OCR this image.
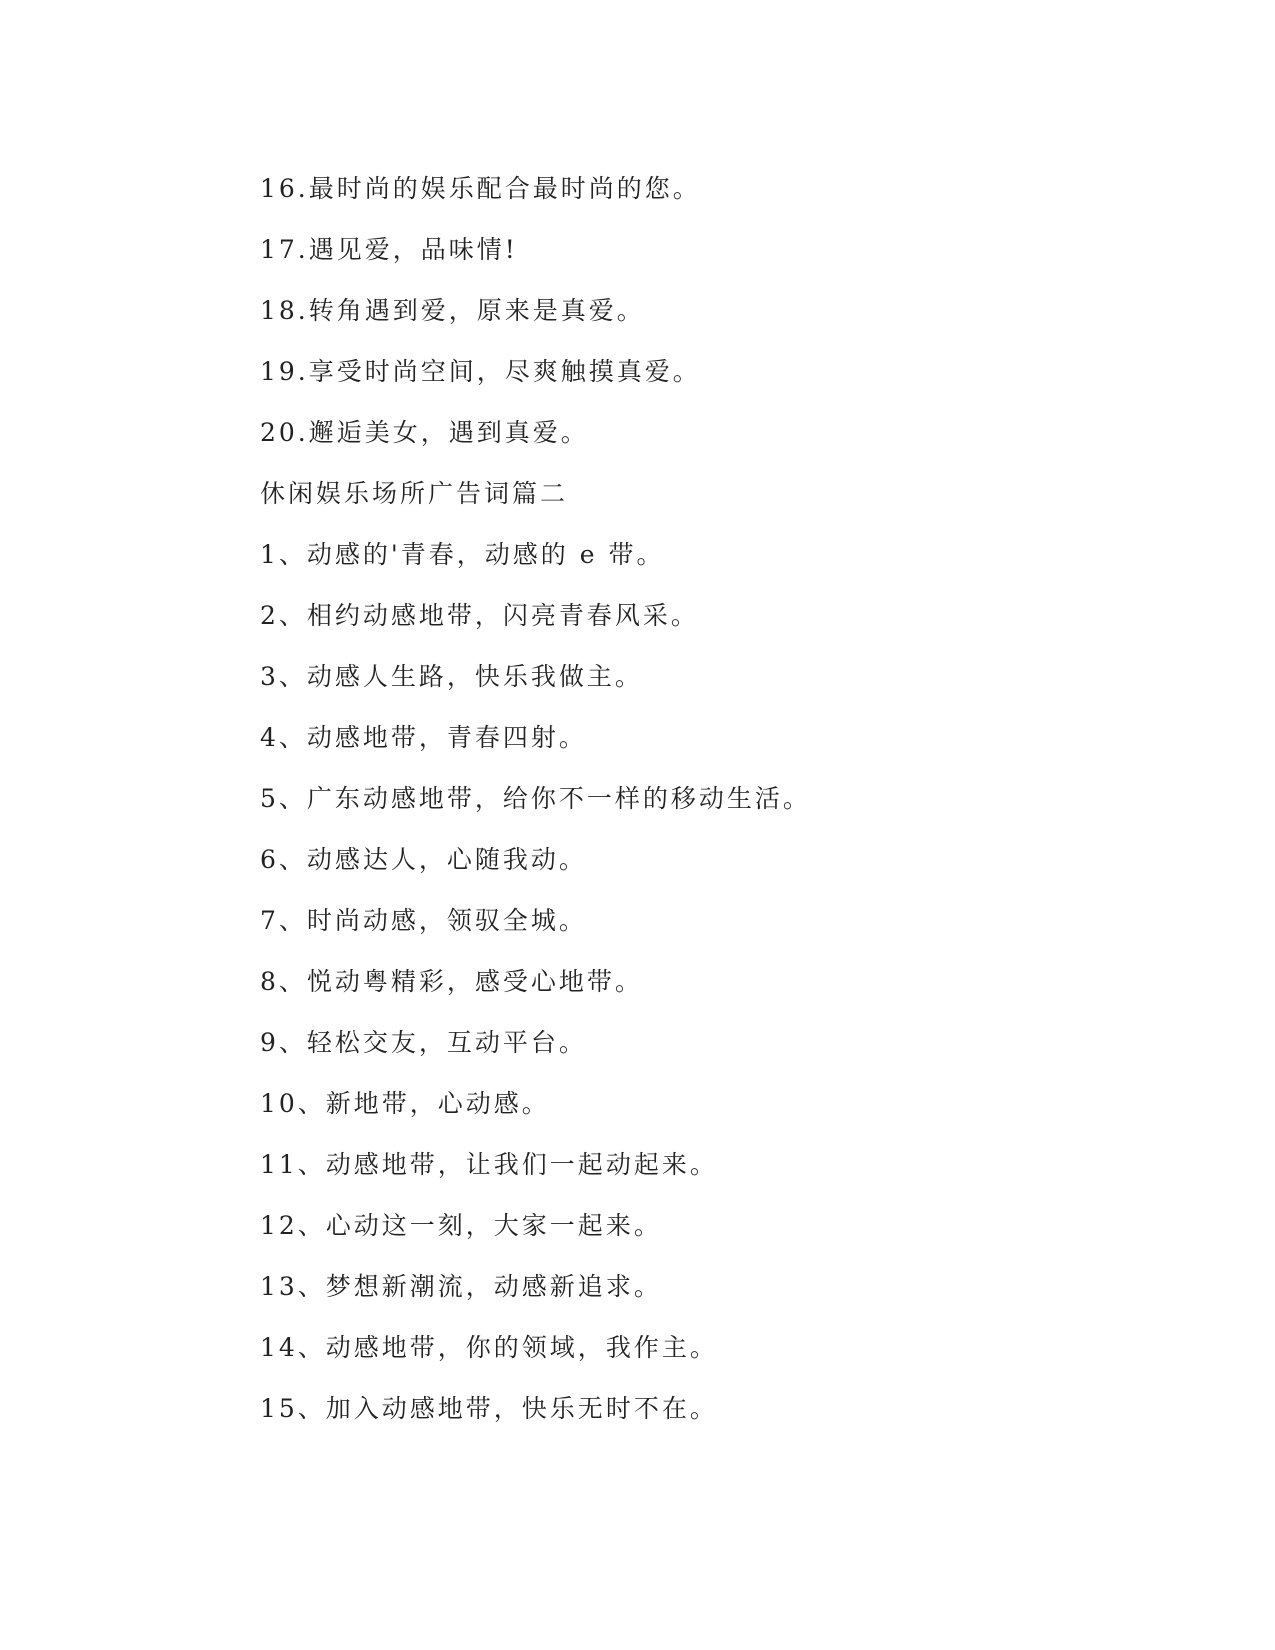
16.最时尚的娱乐配合最时尚的您。
17.遇见爱，品味情!
18.转角遇到爱，原来是真爱。
19.享受时尚空间，尽爽触摸真爱。
20.邂逅美女，遇到真爱。
休闲娱乐场所广告词篇二
1、动感的'青春，动感的 e 带。
2、相约动感地带，闪亮青春风采。
3、动感人生路，快乐我做主。
4、动感地带，青春四射。
5、广东动感地带，给你不一样的移动生活。
6、动感达人，心随我动。
7、时尚动感，领驭全城。
8、悦动粤精彩，感受心地带。
9、轻松交友，互动平台。
10、新地带，心动感。
11、动感地带，让我们一起动起来。
12、心动这一刻，大家一起来。
13、梦想新潮流，动感新追求。
14、动感地带，你的领域，我作主。
15、加入动感地带，快乐无时不在。
